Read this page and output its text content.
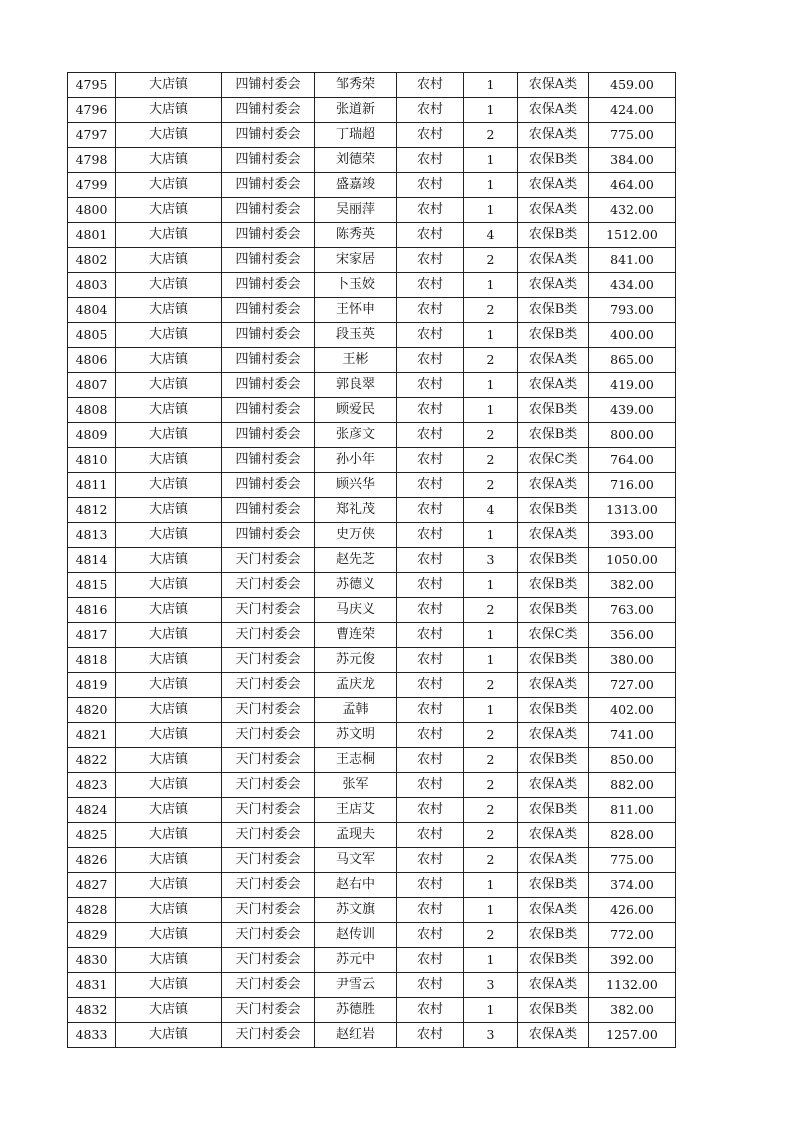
4795	大店镇	四铺村委会	邹秀荣	农村	1	农保A类	459.00
4796	大店镇	四铺村委会	张道新	农村	1	农保A类	424.00
4797	大店镇	四铺村委会	丁瑞超	农村	2	农保A类	775.00
4798	大店镇	四铺村委会	刘德荣	农村	1	农保B类	384.00
4799	大店镇	四铺村委会	盛嘉竣	农村	1	农保A类	464.00
4800	大店镇	四铺村委会	吴丽萍	农村	1	农保A类	432.00
4801	大店镇	四铺村委会	陈秀英	农村	4	农保B类	1512.00
4802	大店镇	四铺村委会	宋家居	农村	2	农保A类	841.00
4803	大店镇	四铺村委会	卜玉姣	农村	1	农保A类	434.00
4804	大店镇	四铺村委会	王怀申	农村	2	农保B类	793.00
4805	大店镇	四铺村委会	段玉英	农村	1	农保B类	400.00
4806	大店镇	四铺村委会	王彬	农村	2	农保A类	865.00
4807	大店镇	四铺村委会	郭良翠	农村	1	农保A类	419.00
4808	大店镇	四铺村委会	顾爱民	农村	1	农保B类	439.00
4809	大店镇	四铺村委会	张彦文	农村	2	农保B类	800.00
4810	大店镇	四铺村委会	孙小年	农村	2	农保C类	764.00
4811	大店镇	四铺村委会	顾兴华	农村	2	农保A类	716.00
4812	大店镇	四铺村委会	郑礼茂	农村	4	农保B类	1313.00
4813	大店镇	四铺村委会	史万侠	农村	1	农保A类	393.00
4814	大店镇	天门村委会	赵先芝	农村	3	农保B类	1050.00
4815	大店镇	天门村委会	苏德义	农村	1	农保B类	382.00
4816	大店镇	天门村委会	马庆义	农村	2	农保B类	763.00
4817	大店镇	天门村委会	曹连荣	农村	1	农保C类	356.00
4818	大店镇	天门村委会	苏元俊	农村	1	农保B类	380.00
4819	大店镇	天门村委会	孟庆龙	农村	2	农保A类	727.00
4820	大店镇	天门村委会	孟韩	农村	1	农保B类	402.00
4821	大店镇	天门村委会	苏文明	农村	2	农保A类	741.00
4822	大店镇	天门村委会	王志桐	农村	2	农保B类	850.00
4823	大店镇	天门村委会	张军	农村	2	农保A类	882.00
4824	大店镇	天门村委会	王店艾	农村	2	农保B类	811.00
4825	大店镇	天门村委会	孟现夫	农村	2	农保A类	828.00
4826	大店镇	天门村委会	马文军	农村	2	农保A类	775.00
4827	大店镇	天门村委会	赵右中	农村	1	农保B类	374.00
4828	大店镇	天门村委会	苏文旗	农村	1	农保A类	426.00
4829	大店镇	天门村委会	赵传训	农村	2	农保B类	772.00
4830	大店镇	天门村委会	苏元中	农村	1	农保B类	392.00
4831	大店镇	天门村委会	尹雪云	农村	3	农保A类	1132.00
4832	大店镇	天门村委会	苏德胜	农村	1	农保B类	382.00
4833	大店镇	天门村委会	赵红岩	农村	3	农保A类	1257.00
